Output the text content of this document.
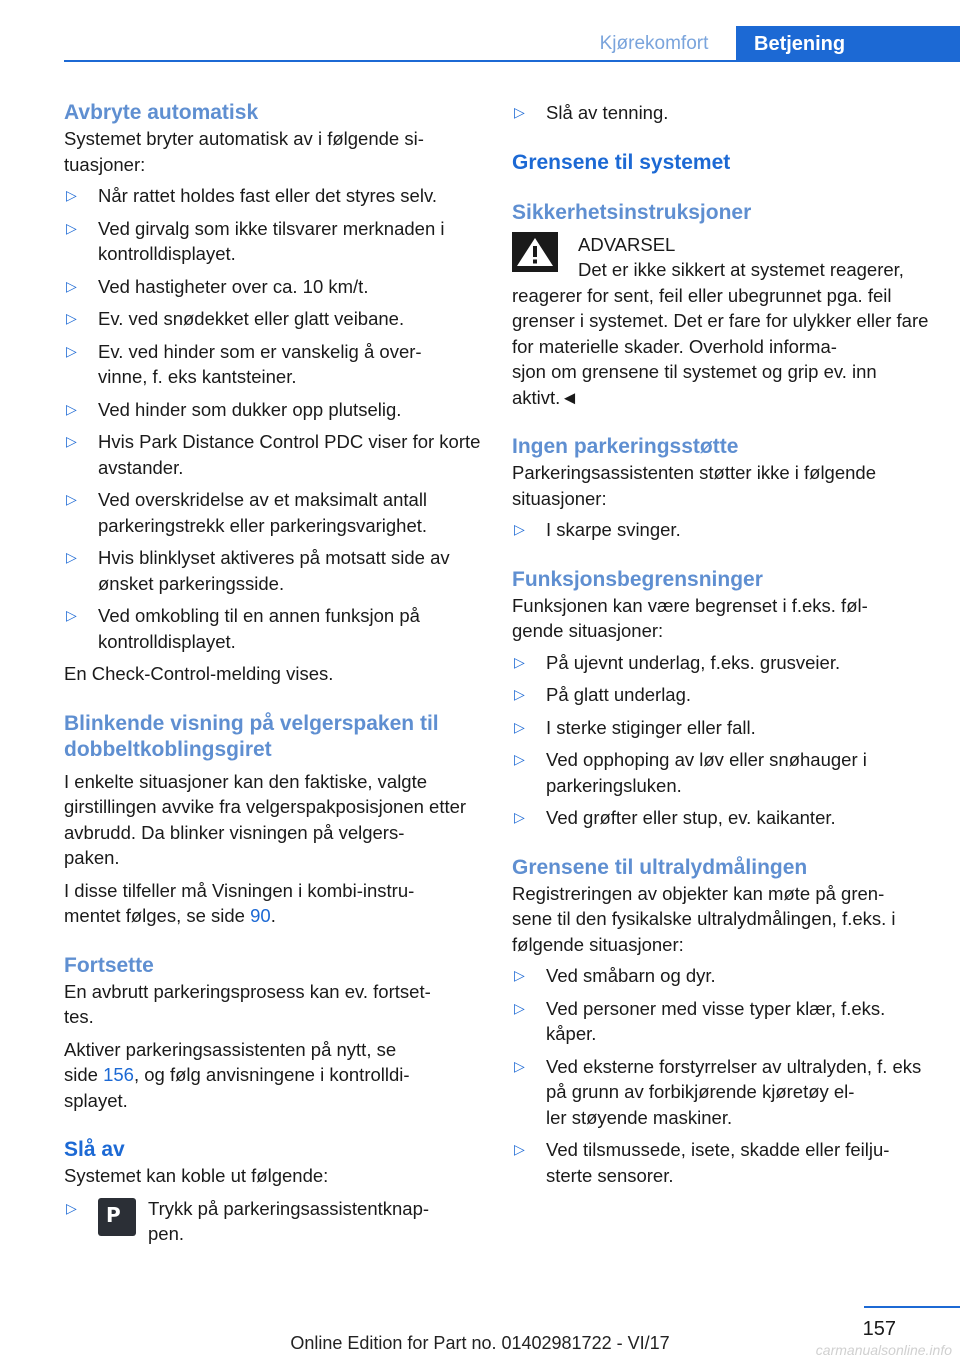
Kjørekomfort	Betjening
Avbryte automatisk

Systemet bryter automatisk av i følgende si-
tuasjoner:

▷ Når rattet holdes fast eller det styres selv.
▷ Ved girvalg som ikke tilsvarer merknaden i kontrolldisplayet.
▷ Ved hastigheter over ca. 10 km/t.
▷ Ev. ved snødekket eller glatt veibane.
▷ Ev. ved hinder som er vanskelig å over-
vinne, f. eks kantsteiner.
▷ Ved hinder som dukker opp plutselig.
▷ Hvis Park Distance Control PDC viser for korte avstander.
▷ Ved overskridelse av et maksimalt antall parkeringstrekk eller parkeringsvarighet.
▷ Hvis blinklyset aktiveres på motsatt side av ønsket parkeringsside.
▷ Ved omkobling til en annen funksjon på kontrolldisplayet.

En Check-Control-melding vises.

Blinkende visning på velgerspaken til dobbeltkoblingsgiret

I enkelte situasjoner kan den faktiske, valgte girstillingen avvike fra velgerspakposisjonen etter avbrudd. Da blinker visningen på velgers-
paken.

I disse tilfeller må Visningen i kombi-instru-
mentet følges, se side 90.

Fortsette

En avbrutt parkeringsprosess kan ev. fortset-
tes.

Aktiver parkeringsassistenten på nytt, se
side 156, og følg anvisningene i kontrolldi-
splayet.

Slå av

Systemet kan koble ut følgende:

▷ P Trykk på parkeringsassistentknap-
pen.
▷ Slå av tenning.
Grensene til systemet
Sikkerhetsinstruksjoner
ADVARSEL

Det er ikke sikkert at systemet reagerer,

reagerer for sent, feil eller ubegrunnet pga. feil grenser i systemet. Det er fare for ulykker eller fare for materielle skader. Overhold informa-
sjon om grensene til systemet og grip ev. inn aktivt.◄

Ingen parkeringsstøtte

Parkeringsassistenten støtter ikke i følgende situasjoner:

▷ I skarpe svinger.
Funksjonsbegrensninger

Funksjonen kan være begrenset i f.eks. føl-
gende situasjoner:

▷ På ujevnt underlag, f.eks. grusveier.
▷ På glatt underlag.
▷ I sterke stiginger eller fall.
▷ Ved opphoping av løv eller snøhauger i parkeringsluken.
▷ Ved grøfter eller stup, ev. kaikanter.
Grensene til ultralydmålingen

Registreringen av objekter kan møte på gren-
sene til den fysikalske ultralydmålingen, f.eks. i følgende situasjoner:

▷ Ved småbarn og dyr.
▷ Ved personer med visse typer klær, f.eks. kåper.
▷ Ved eksterne forstyrrelser av ultralyden, f. eks på grunn av forbikjørende kjøretøy el-
ler støyende maskiner.
▷ Ved tilsmussede, isete, skadde eller feilju-
sterte sensorer.
157
Online Edition for Part no. 01402981722 - VI/17	carmanualsonline.info
